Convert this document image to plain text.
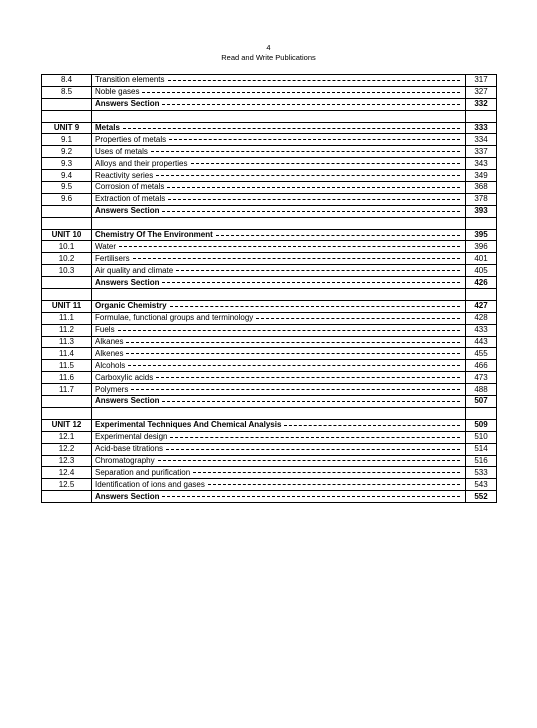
4
Read and Write Publications
8.4	Transition elements	317
8.5	Noble gases	327

	Answers Section	332

UNIT 9	Metals	333
9.1	Properties of metals	334
9.2	Uses of metals	337
9.3	Alloys and their properties	343
9.4	Reactivity series	349
9.5	Corrosion of metals	368
9.6	Extraction of metals	378

	Answers Section	393

UNIT 10	Chemistry Of The Environment	395
10.1	Water	396
10.2	Fertilisers	401
10.3	Air quality and climate	405

	Answers Section	426

UNIT 11	Organic Chemistry	427
11.1	Formulae, functional groups and terminology	428
11.2	Fuels	433
11.3	Alkanes	443
11.4	Alkenes	455
11.5	Alcohols	466
11.6	Carboxylic acids	473
11.7	Polymers	488

	Answers Section	507

UNIT 12	Experimental Techniques And Chemical Analysis	509
12.1	Experimental design	510
12.2	Acid-base titrations	514
12.3	Chromatography	516
12.4	Separation and purification	533
12.5	Identification of ions and gases	543

	Answers Section	552
